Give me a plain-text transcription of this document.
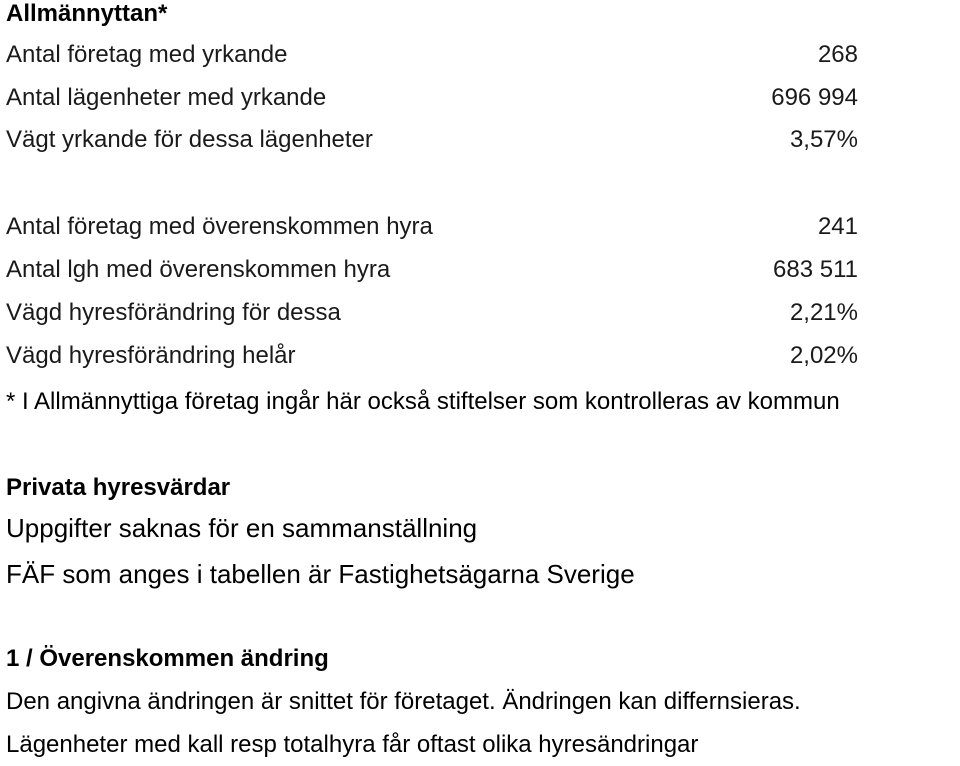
Allmännyttan*
Antal företag med yrkande	268
Antal lägenheter med yrkande	696 994
Vägt yrkande för dessa lägenheter	3,57%
Antal företag med överenskommen hyra	241
Antal lgh med överenskommen hyra	683 511
Vägd hyresförändring för dessa	2,21%
Vägd hyresförändring helår	2,02%
* I Allmännyttiga företag ingår här också stiftelser som kontrolleras av kommun
Privata hyresvärdar
Uppgifter saknas för en sammanställning
FÄF som anges i tabellen är Fastighetsägarna Sverige
1 / Överenskommen ändring
Den angivna ändringen är snittet för företaget. Ändringen kan differnsieras.
Lägenheter med kall resp totalhyra får oftast olika hyresändringar
